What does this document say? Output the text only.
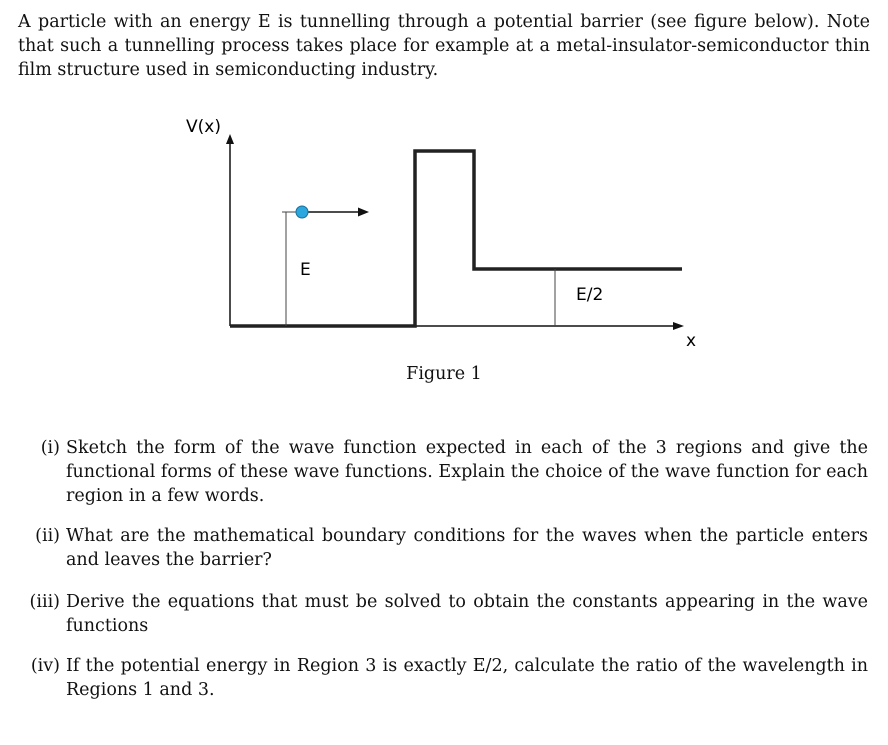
A particle with an energy E is tunnelling through a potential barrier (see figure below). Note that such a tunnelling process takes place for example at a metal-insulator-semiconductor thin film structure used in semiconducting industry.

V(x)
x
E
E/2
Figure 1
(i) Sketch the form of the wave function expected in each of the 3 regions and give the functional forms of these wave functions. Explain the choice of the wave function for each region in a few words.
(ii) What are the mathematical boundary conditions for the waves when the particle enters and leaves the barrier?
(iii) Derive the equations that must be solved to obtain the constants appearing in the wave functions
(iv) If the potential energy in Region 3 is exactly E/2, calculate the ratio of the wavelength in Regions 1 and 3.
